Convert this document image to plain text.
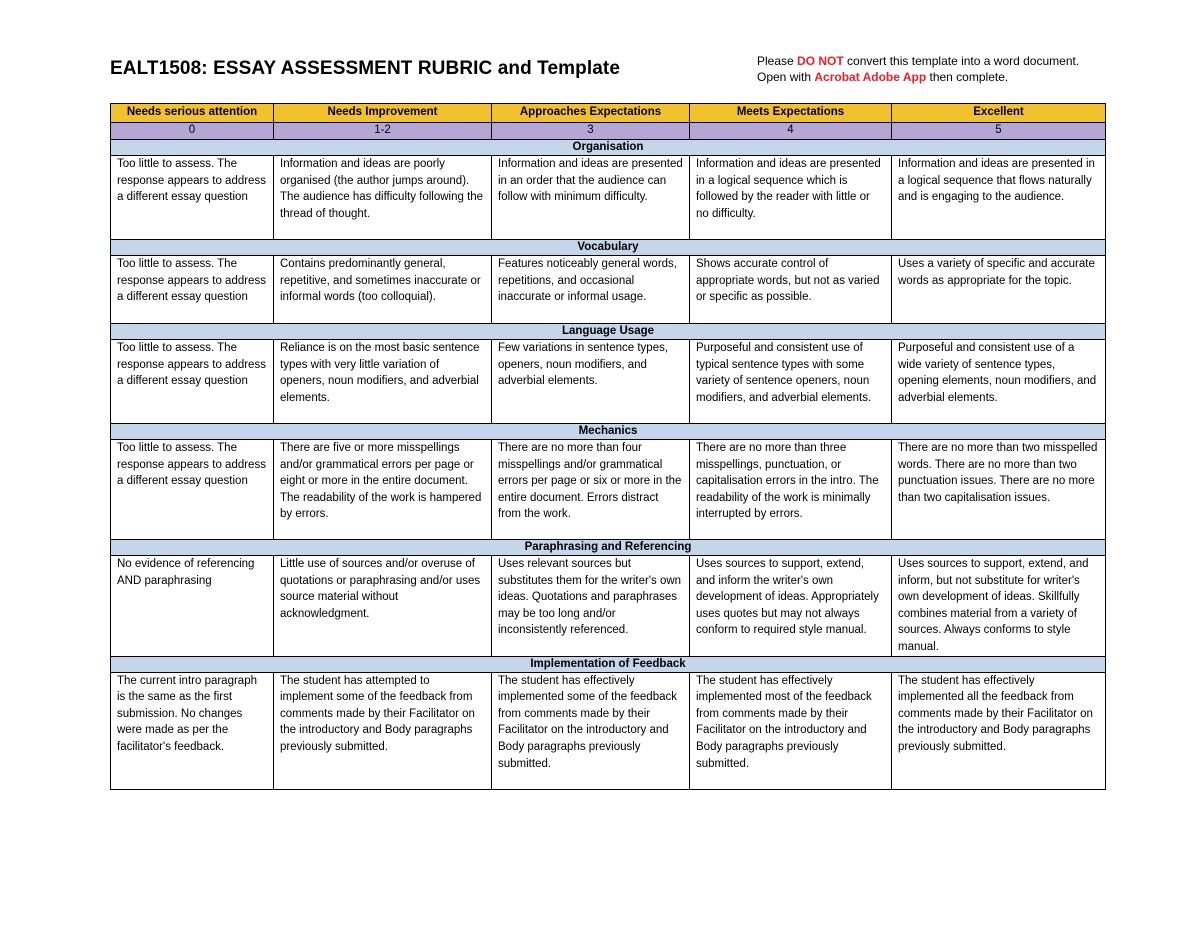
EALT1508: ESSAY ASSESSMENT RUBRIC and Template	Please DO NOT convert this template into a word document.
Open with Acrobat Adobe App then complete.
Needs serious attention	Needs Improvement	Approaches Expectations	Meets Expectations	Excellent
0	1-2	3	4	5
Organisation				
Too little to assess. The response appears to address a different essay question	Information and ideas are poorly organised (the author jumps around). The audience has difficulty following the thread of thought.	Information and ideas are presented in an order that the audience can follow with minimum difficulty.	Information and ideas are presented in a logical sequence which is followed by the reader with little or no difficulty.	Information and ideas are presented in a logical sequence that flows naturally and is engaging to the audience.
Vocabulary				
Too little to assess. The response appears to address a different essay question	Contains predominantly general, repetitive, and sometimes inaccurate or informal words (too colloquial).	Features noticeably general words, repetitions, and occasional inaccurate or informal usage.	Shows accurate control of appropriate words, but not as varied or specific as possible.	Uses a variety of specific and accurate words as appropriate for the topic.
Language Usage				
Too little to assess. The response appears to address a different essay question	Reliance is on the most basic sentence types with very little variation of openers, noun modifiers, and adverbial elements.	Few variations in sentence types, openers, noun modifiers, and adverbial elements.	Purposeful and consistent use of typical sentence types with some variety of sentence openers, noun modifiers, and adverbial elements.	Purposeful and consistent use of a wide variety of sentence types, opening elements, noun modifiers, and adverbial elements.
Mechanics				
Too little to assess. The response appears to address a different essay question	There are five or more misspellings and/or grammatical errors per page or eight or more in the entire document. The readability of the work is hampered by errors.	There are no more than four misspellings and/or grammatical errors per page or six or more in the entire document. Errors distract from the work.	There are no more than three misspellings, punctuation, or capitalisation errors in the intro. The readability of the work is minimally interrupted by errors.	There are no more than two misspelled words. There are no more than two punctuation issues. There are no more than two capitalisation issues.
Paraphrasing and Referencing				
No evidence of referencing AND paraphrasing	Little use of sources and/or overuse of quotations or paraphrasing and/or uses source material without acknowledgment.	Uses relevant sources but substitutes them for the writer's own ideas. Quotations and paraphrases may be too long and/or inconsistently referenced.	Uses sources to support, extend, and inform the writer's own development of ideas. Appropriately uses quotes but may not always conform to required style manual.	Uses sources to support, extend, and inform, but not substitute for writer's own development of ideas. Skillfully combines material from a variety of sources. Always conforms to style manual.
Implementation of Feedback				
The current intro paragraph is the same as the first submission. No changes were made as per the facilitator's feedback.	The student has attempted to implement some of the feedback from comments made by their Facilitator on the introductory and Body paragraphs previously submitted.	The student has effectively implemented some of the feedback from comments made by their Facilitator on the introductory and Body paragraphs previously submitted.	The student has effectively implemented most of the feedback from comments made by their Facilitator on the introductory and Body paragraphs previously submitted.	The student has effectively implemented all the feedback from comments made by their Facilitator on the introductory and Body paragraphs previously submitted.
